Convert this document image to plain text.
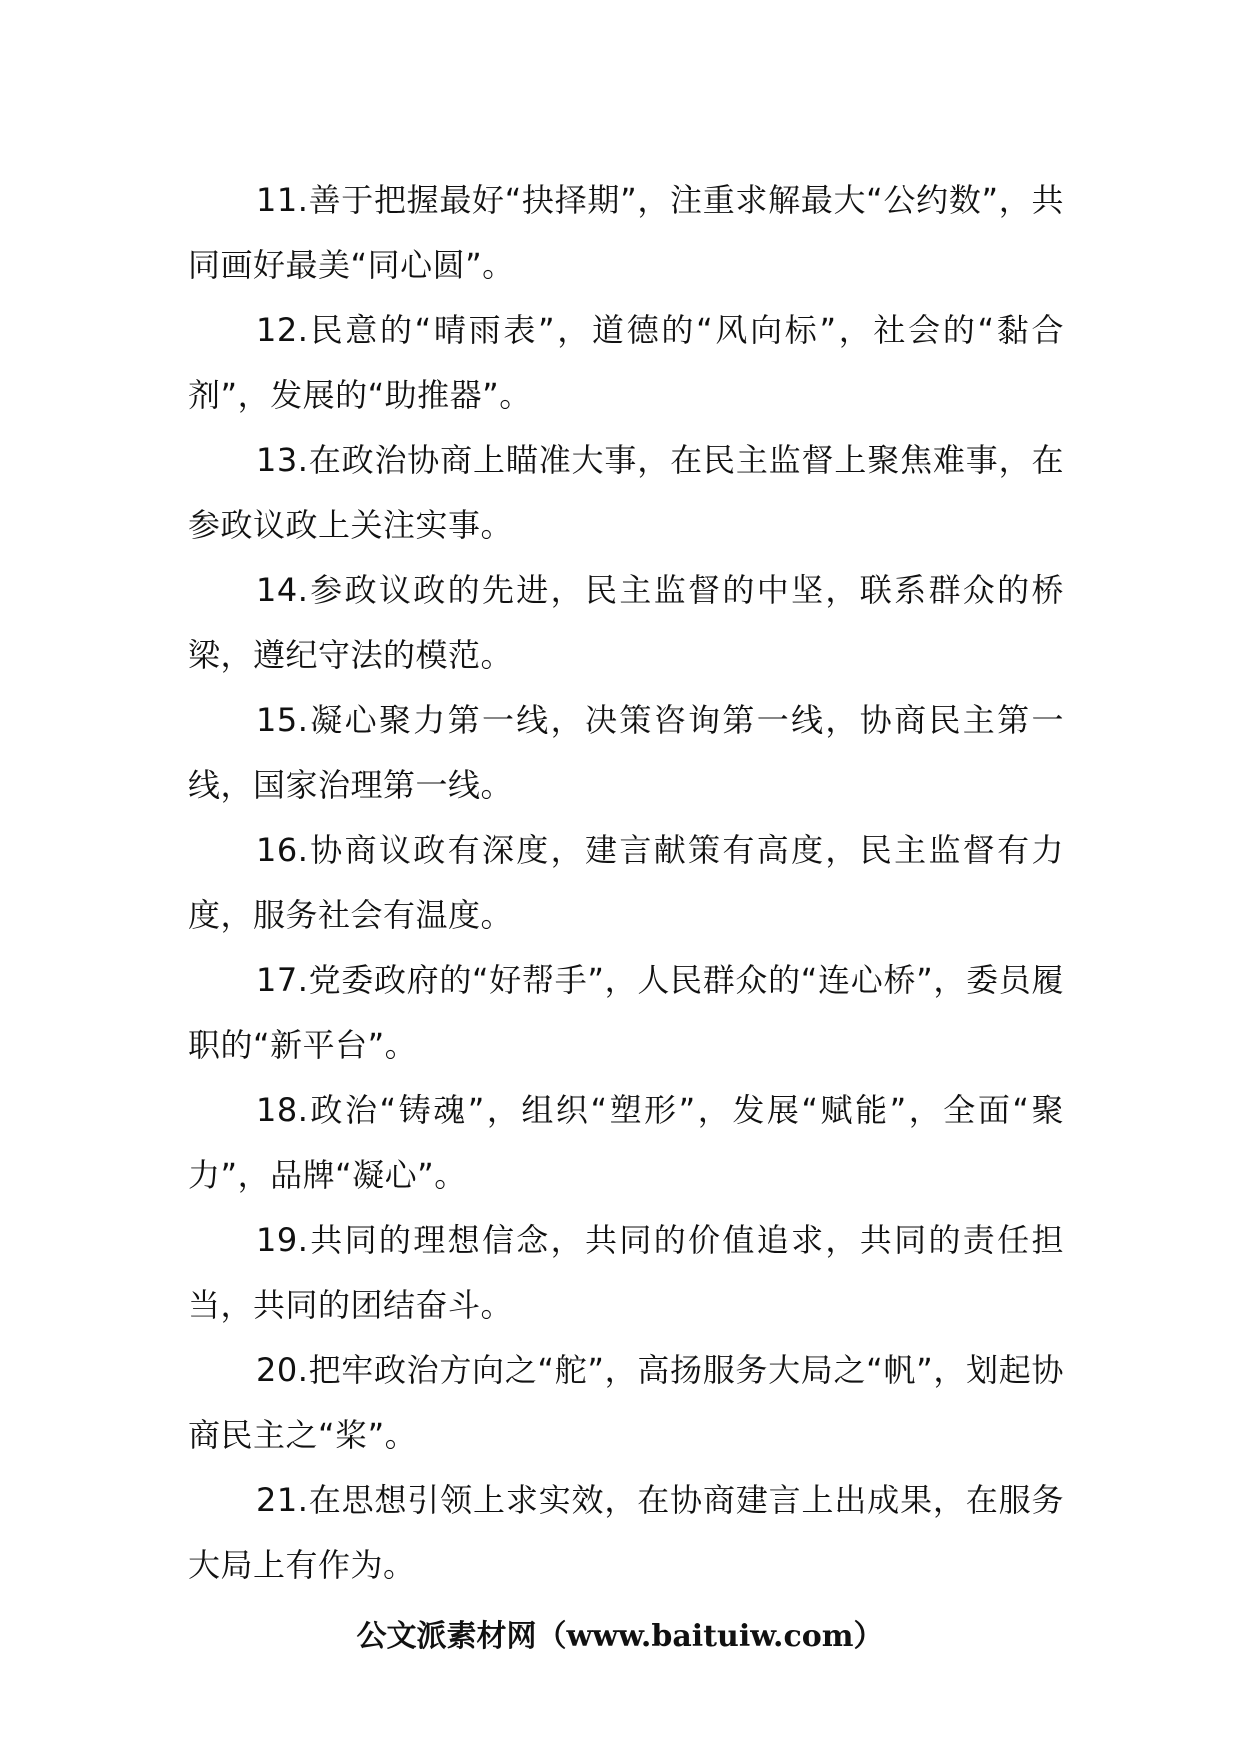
11.善于把握最好“抉择期”，注重求解最大“公约数”，共同画好最美“同心圆”。

12.民意的“晴雨表”，道德的“风向标”，社会的“黏合剂”，发展的“助推器”。

13.在政治协商上瞄准大事，在民主监督上聚焦难事，在参政议政上关注实事。

14.参政议政的先进，民主监督的中坚，联系群众的桥梁，遵纪守法的模范。

15.凝心聚力第一线，决策咨询第一线，协商民主第一线，国家治理第一线。

16.协商议政有深度，建言献策有高度，民主监督有力度，服务社会有温度。

17.党委政府的“好帮手”，人民群众的“连心桥”，委员履职的“新平台”。

18.政治“铸魂”，组织“塑形”，发展“赋能”，全面“聚力”，品牌“凝心”。

19.共同的理想信念，共同的价值追求，共同的责任担当，共同的团结奋斗。

20.把牢政治方向之“舵”，高扬服务大局之“帆”，划起协商民主之“桨”。

21.在思想引领上求实效，在协商建言上出成果，在服务大局上有作为。

公文派素材网（www.baituiw.com）
